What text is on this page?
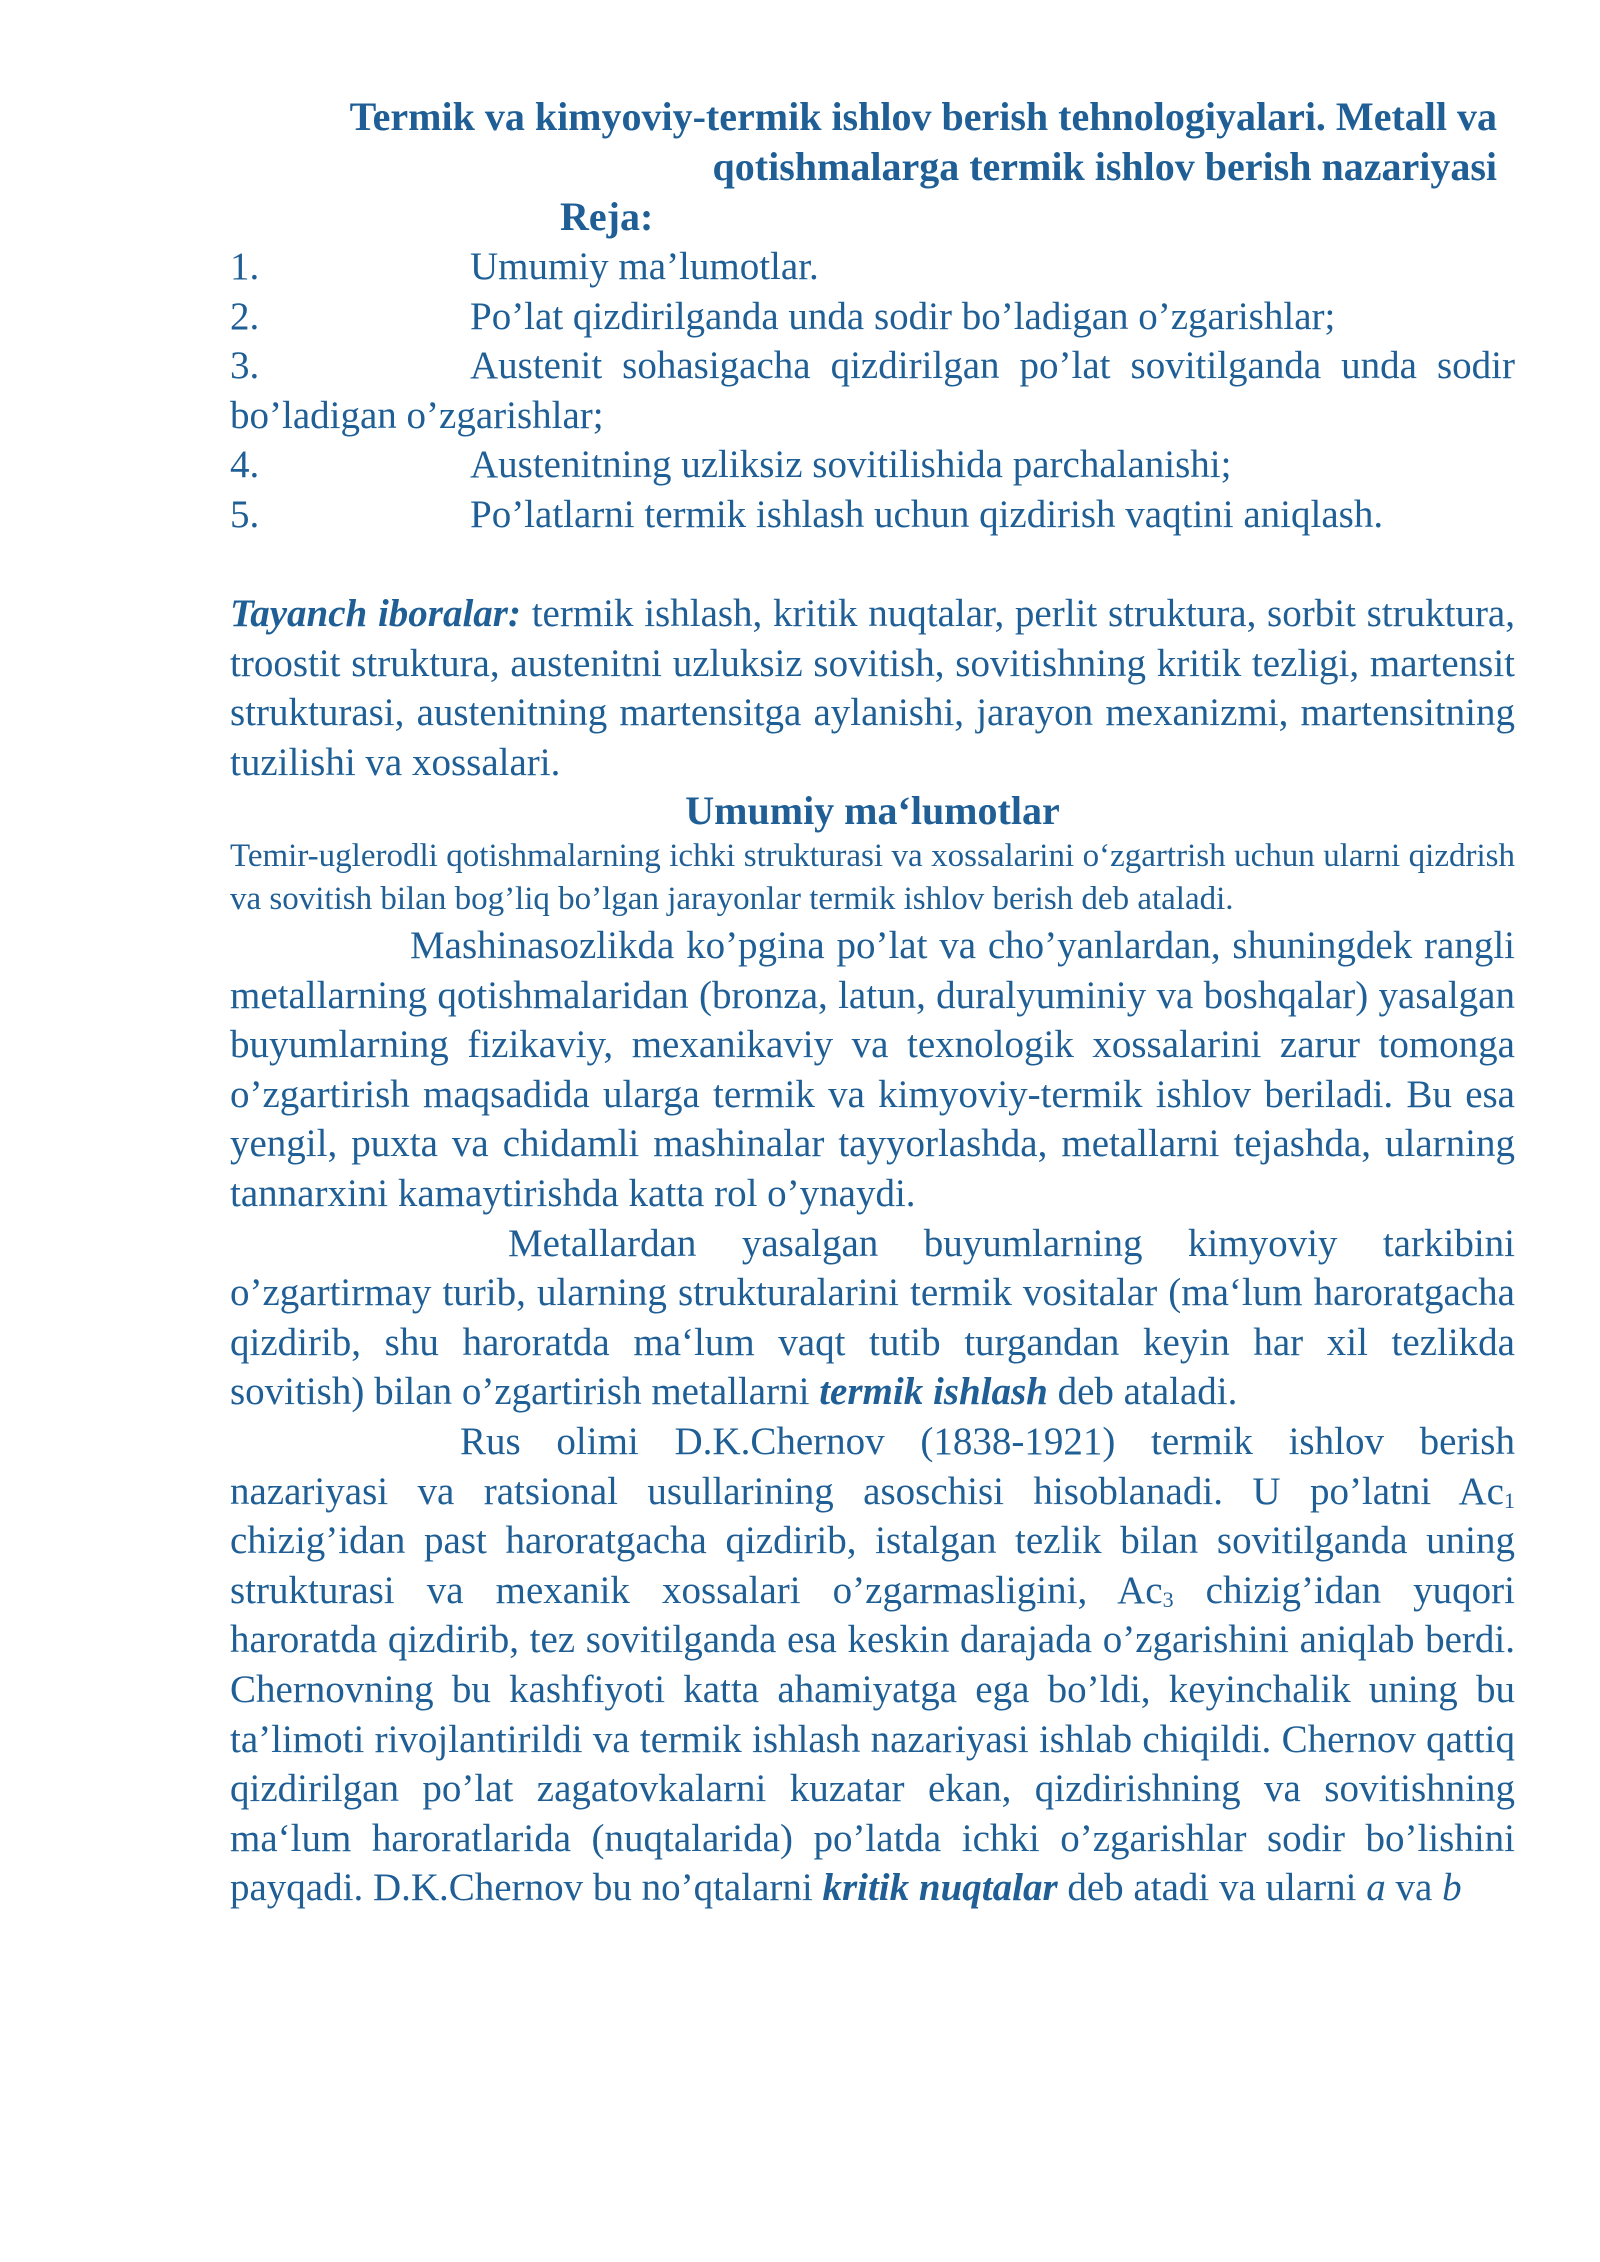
Termik va kimyoviy-termik ishlov berish tehnologiyalari. Metall va
qotishmalarga termik ishlov berish nazariyasi
Reja:
1.	Umumiy ma’lumotlar.
2.	Po’lat qizdirilganda unda sodir bo’ladigan o’zgarishlar;
3.	Austenit sohasigacha qizdirilgan po’lat sovitilganda unda sodir bo’ladigan o’zgarishlar;
4.	Austenitning uzliksiz sovitilishida parchalanishi;
5.	Po’latlarni termik ishlash uchun qizdirish vaqtini aniqlash.

Tayanch iboralar: termik ishlash, kritik nuqtalar, perlit struktura, sorbit struktura, troostit struktura, austenitni uzluksiz sovitish, sovitishning kritik tezligi, martensit strukturasi, austenitning martensitga aylanishi, jarayon mexanizmi, martensitning tuzilishi va xossalari.

Umumiy ma‘lumotlar

Temir-uglerodli qotishmalarning ichki strukturasi va xossalarini o‘zgartrish uchun ularni qizdrish va sovitish bilan bog’liq bo’lgan jarayonlar termik ishlov berish deb ataladi.

Mashinasozlikda ko’pgina po’lat va cho’yanlardan, shuningdek rangli metallarning qotishmalaridan (bronza, latun, duralyuminiy va boshqalar) yasalgan buyumlarning fizikaviy, mexanikaviy va texnologik xossalarini zarur tomonga o’zgartirish maqsadida ularga termik va kimyoviy-termik ishlov beriladi. Bu esa yengil, puxta va chidamli mashinalar tayyorlashda, metallarni tejashda, ularning tannarxini kamaytirishda katta rol o’ynaydi.

Metallardan yasalgan buyumlarning kimyoviy tarkibini o’zgartirmay turib, ularning strukturalarini termik vositalar (ma‘lum haroratgacha qizdirib, shu haroratda ma‘lum vaqt tutib turgandan keyin har xil tezlikda sovitish) bilan o’zgartirish metallarni termik ishlash deb ataladi.

Rus olimi D.K.Chernov (1838-1921) termik ishlov berish nazariyasi va ratsional usullarining asoschisi hisoblanadi. U po’latni $Ac_1$ chizig’idan past haroratgacha qizdirib, istalgan tezlik bilan sovitilganda uning strukturasi va mexanik xossalari o’zgarmasligini, $Ac_3$ chizig’idan yuqori haroratda qizdirib, tez sovitilganda esa keskin darajada o’zgarishini aniqlab berdi. Chernovning bu kashfiyoti katta ahamiyatga ega bo’ldi, keyinchalik uning bu ta’limoti rivojlantirildi va termik ishlash nazariyasi ishlab chiqildi. Chernov qattiq qizdirilgan po’lat zagatovkalarni kuzatar ekan, qizdirishning va sovitishning ma‘lum haroratlarida (nuqtalarida) po’latda ichki o’zgarishlar sodir bo’lishini payqadi. D.K.Chernov bu no’qtalarni kritik nuqtalar deb atadi va ularni a va b
